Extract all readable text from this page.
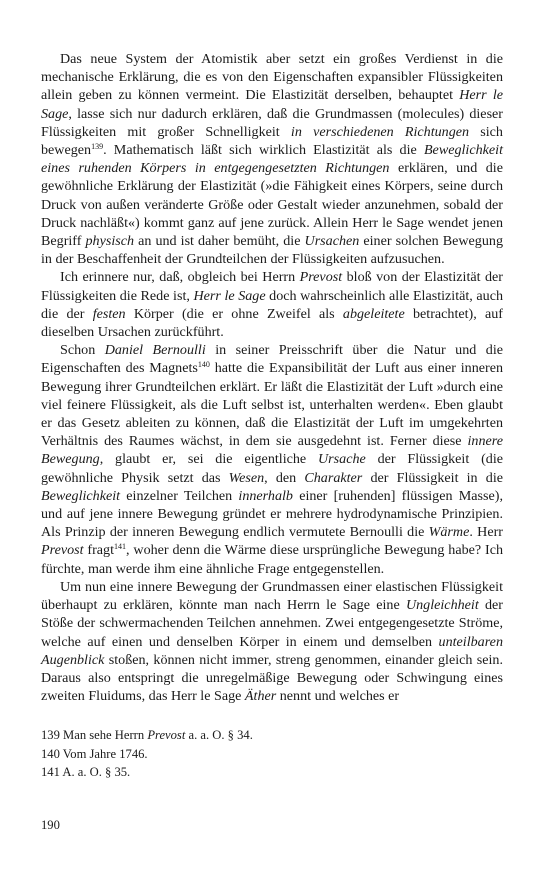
Das neue System der Atomistik aber setzt ein großes Verdienst in die mechanische Erklärung, die es von den Eigenschaften expansibler Flüssigkeiten allein geben zu können vermeint. Die Elastizität derselben, behauptet Herr le Sage, lasse sich nur dadurch erklären, daß die Grundmassen (molecules) dieser Flüssigkeiten mit großer Schnelligkeit in verschiedenen Richtungen sich bewegen$^{139}$. Mathematisch läßt sich wirklich Elastizität als die Beweglichkeit eines ruhenden Körpers in entgegengesetzten Richtungen erklären, und die gewöhnliche Erklärung der Elastizität (»die Fähigkeit eines Körpers, seine durch Druck von außen veränderte Größe oder Gestalt wieder anzunehmen, sobald der Druck nachläßt«) kommt ganz auf jene zurück. Allein Herr le Sage wendet jenen Begriff physisch an und ist daher bemüht, die Ursachen einer solchen Bewegung in der Beschaffenheit der Grundteilchen der Flüssigkeiten aufzusuchen.

Ich erinnere nur, daß, obgleich bei Herrn Prevost bloß von der Elastizität der Flüssigkeiten die Rede ist, Herr le Sage doch wahrscheinlich alle Elastizität, auch die der festen Körper (die er ohne Zweifel als abgeleitete betrachtet), auf dieselben Ursachen zurückführt.

Schon Daniel Bernoulli in seiner Preisschrift über die Natur und die Eigenschaften des Magnets$^{140}$ hatte die Expansibilität der Luft aus einer inneren Bewegung ihrer Grundteilchen erklärt. Er läßt die Elastizität der Luft »durch eine viel feinere Flüssigkeit, als die Luft selbst ist, unterhalten werden«. Eben glaubt er das Gesetz ableiten zu können, daß die Elastizität der Luft im umgekehrten Verhältnis des Raumes wächst, in dem sie ausgedehnt ist. Ferner diese innere Bewegung, glaubt er, sei die eigentliche Ursache der Flüssigkeit (die gewöhnliche Physik setzt das Wesen, den Charakter der Flüssigkeit in die Beweglichkeit einzelner Teilchen innerhalb einer [ruhenden] flüssigen Masse), und auf jene innere Bewegung gründet er mehrere hydrodynamische Prinzipien. Als Prinzip der inneren Bewegung endlich vermutete Bernoulli die Wärme. Herr Prevost fragt$^{141}$, woher denn die Wärme diese ursprüngliche Bewegung habe? Ich fürchte, man werde ihm eine ähnliche Frage entgegenstellen.

Um nun eine innere Bewegung der Grundmassen einer elastischen Flüssigkeit überhaupt zu erklären, könnte man nach Herrn le Sage eine Ungleichheit der Stöße der schwermachenden Teilchen annehmen. Zwei entgegengesetzte Ströme, welche auf einen und denselben Körper in einem und demselben unteilbaren Augenblick stoßen, können nicht immer, streng genommen, einander gleich sein. Daraus also entspringt die unregelmäßige Bewegung oder Schwingung eines zweiten Fluidums, das Herr le Sage Äther nennt und welches er

139 Man sehe Herrn Prevost a. a. O. § 34.
140 Vom Jahre 1746.
141 A. a. O. § 35.
190
